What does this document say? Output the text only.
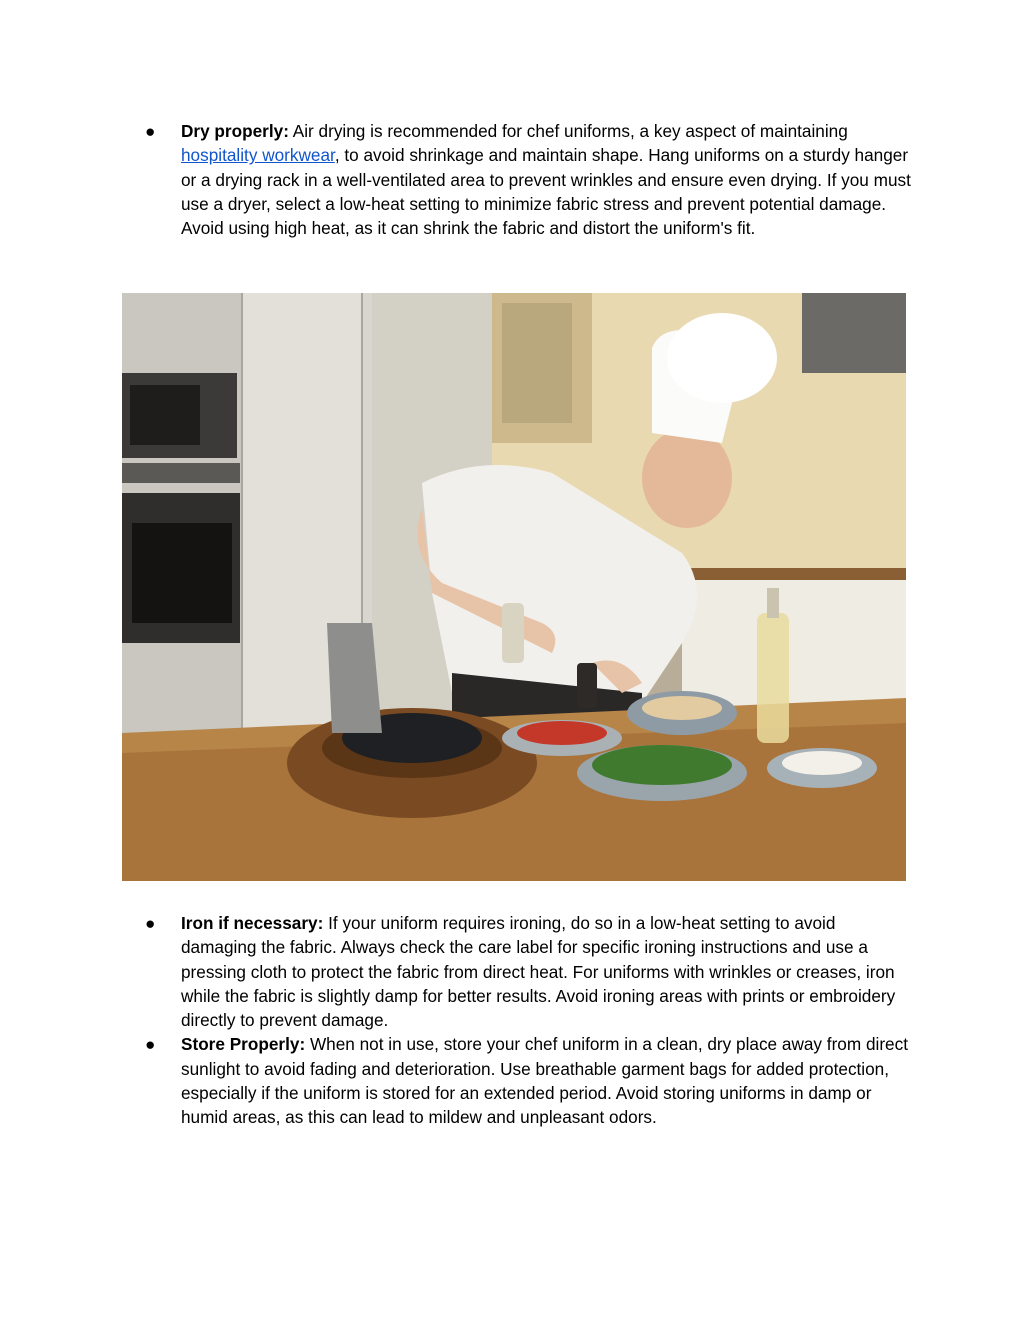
●	Dry properly: Air drying is recommended for chef uniforms, a key aspect of maintaining hospitality workwear, to avoid shrinkage and maintain shape. Hang uniforms on a sturdy hanger or a drying rack in a well-ventilated area to prevent wrinkles and ensure even drying. If you must use a dryer, select a low-heat setting to minimize fabric stress and prevent potential damage. Avoid using high heat, as it can shrink the fabric and distort the uniform's fit.
●	Iron if necessary: If your uniform requires ironing, do so in a low-heat setting to avoid damaging the fabric. Always check the care label for specific ironing instructions and use a pressing cloth to protect the fabric from direct heat. For uniforms with wrinkles or creases, iron while the fabric is slightly damp for better results. Avoid ironing areas with prints or embroidery directly to prevent damage.
●	Store Properly: When not in use, store your chef uniform in a clean, dry place away from direct sunlight to avoid fading and deterioration. Use breathable garment bags for added protection, especially if the uniform is stored for an extended period. Avoid storing uniforms in damp or humid areas, as this can lead to mildew and unpleasant odors.
